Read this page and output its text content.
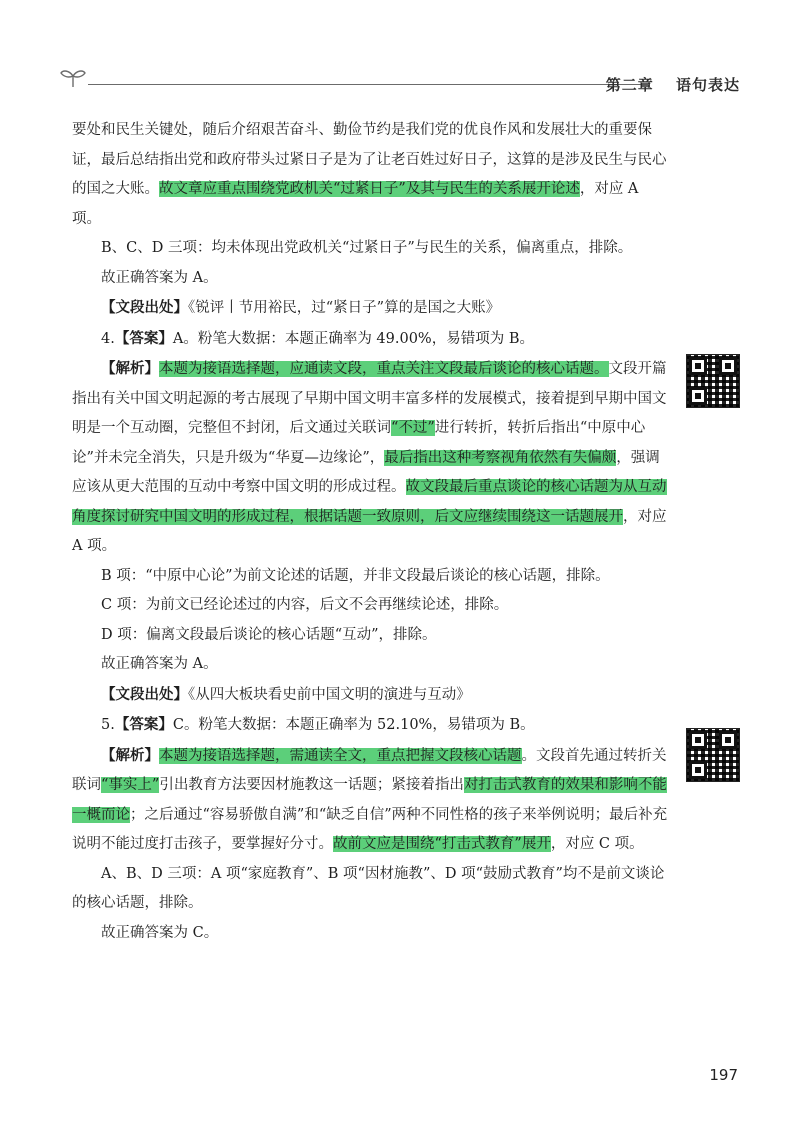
第二章　 语句表达

要处和民生关键处，随后介绍艰苦奋斗、勤俭节约是我们党的优良作风和发展壮大的重要保证，最后总结指出党和政府带头过紧日子是为了让老百姓过好日子，这算的是涉及民生与民心的国之大账。故文章应重点围绕党政机关“过紧日子”及其与民生的关系展开论述，对应 A 项。

B、C、D 三项：均未体现出党政机关“过紧日子”与民生的关系，偏离重点，排除。

故正确答案为 A。

【文段出处】《锐评丨节用裕民，过“紧日子”算的是国之大账》

4.【答案】A。粉笔大数据：本题正确率为 49.00%，易错项为 B。

【解析】本题为接语选择题，应通读文段，重点关注文段最后谈论的核心话题。文段开篇指出有关中国文明起源的考古展现了早期中国文明丰富多样的发展模式，接着提到早期中国文明是一个互动圈，完整但不封闭，后文通过关联词“不过”进行转折，转折后指出“中原中心论”并未完全消失，只是升级为“华夏—边缘论”，最后指出这种考察视角依然有失偏颇，强调应该从更大范围的互动中考察中国文明的形成过程。故文段最后重点谈论的核心话题为从互动角度探讨研究中国文明的形成过程，根据话题一致原则，后文应继续围绕这一话题展开，对应 A 项。

B 项：“中原中心论”为前文论述的话题，并非文段最后谈论的核心话题，排除。

C 项：为前文已经论述过的内容，后文不会再继续论述，排除。

D 项：偏离文段最后谈论的核心话题“互动”，排除。

故正确答案为 A。

【文段出处】《从四大板块看史前中国文明的演进与互动》

5.【答案】C。粉笔大数据：本题正确率为 52.10%，易错项为 B。

【解析】本题为接语选择题，需通读全文，重点把握文段核心话题。文段首先通过转折关联词“事实上”引出教育方法要因材施教这一话题；紧接着指出对打击式教育的效果和影响不能一概而论；之后通过“容易骄傲自满”和“缺乏自信”两种不同性格的孩子来举例说明；最后补充说明不能过度打击孩子，要掌握好分寸。故前文应是围绕“打击式教育”展开，对应 C 项。

A、B、D 三项：A 项“家庭教育”、B 项“因材施教”、D 项“鼓励式教育”均不是前文谈论的核心话题，排除。

故正确答案为 C。

197
